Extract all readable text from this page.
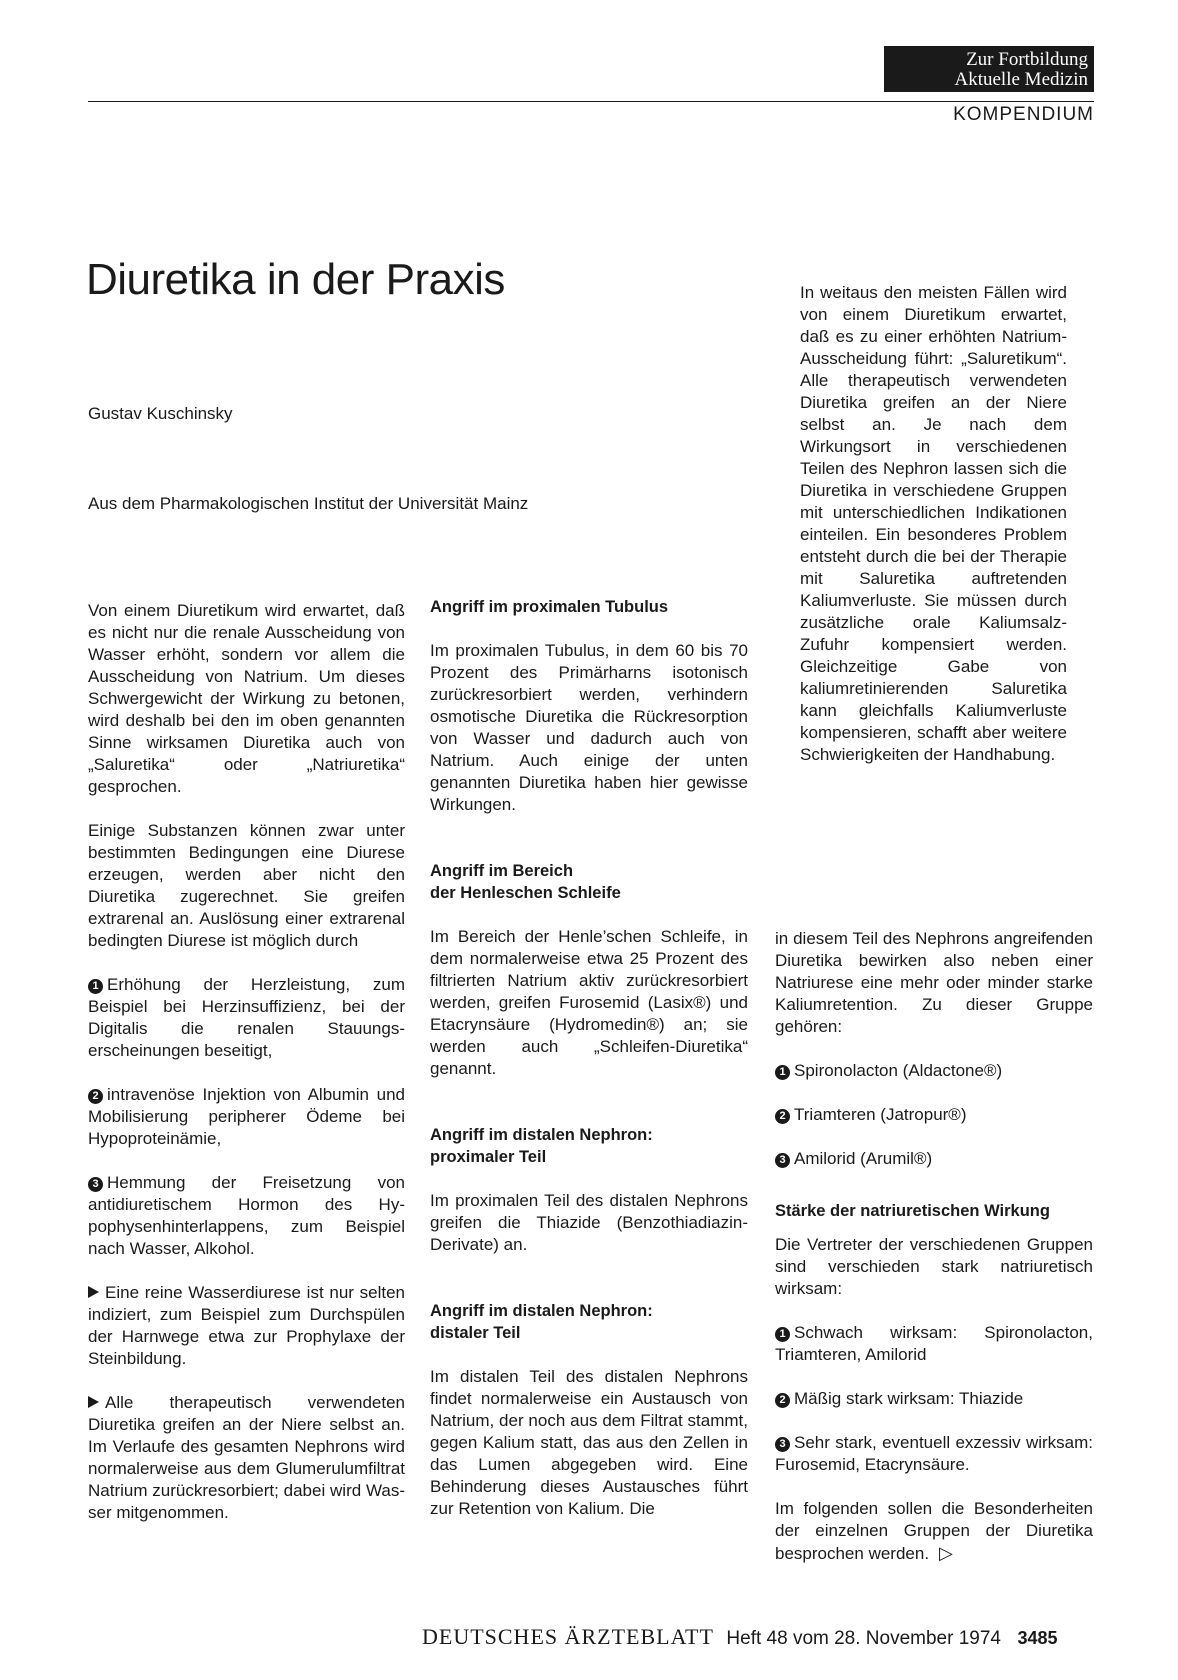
Zur Fortbildung
Aktuelle Medizin
KOMPENDIUM
Diuretika in der Praxis
Gustav Kuschinsky
Aus dem Pharmakologischen Institut der Universität Mainz

Von einem Diuretikum wird erwartet, daß es nicht nur die renale Ausscheidung von Wasser erhöht, sondern vor allem die Ausscheidung von Natrium. Um dieses Schwergewicht der Wirkung zu betonen, wird deshalb bei den im oben genannten Sinne wirksamen Diuretika auch von „Saluretika“ oder „Natriuretika“ gesprochen.

Einige Substanzen können zwar unter bestimmten Bedingungen eine Diurese erzeugen, werden aber nicht den Diuretika zugerechnet. Sie greifen extrarenal an. Auslösung einer extrarenal bedingten Diurese ist möglich durch

1 Erhöhung der Herzleistung, zum Beispiel bei Herzinsuffizienz, bei der Digitalis die renalen Stauungserscheinungen beseitigt,

2 intravenöse Injektion von Albumin und Mobilisierung peripherer Ödeme bei Hypoproteinämie,

3 Hemmung der Freisetzung von antidiuretischem Hormon des Hypophysenhinterlappens, zum Beispiel nach Wasser, Alkohol.

Eine reine Wasserdiurese ist nur selten indiziert, zum Beispiel zum Durchspülen der Harnwege etwa zur Prophylaxe der Steinbildung.

Alle therapeutisch verwendeten Diuretika greifen an der Niere selbst an. Im Verlaufe des gesamten Nephrons wird normalerweise aus dem Glumerulumfiltrat Natrium zurückresorbiert; dabei wird Wasser mitgenommen.

Angriff im proximalen Tubulus

Im proximalen Tubulus, in dem 60 bis 70 Prozent des Primärharns isotonisch zurückresorbiert werden, verhindern osmotische Diuretika die Rückresorption von Wasser und dadurch auch von Natrium. Auch einige der unten genannten Diuretika haben hier gewisse Wirkungen.

Angriff im Bereich
der Henleschen Schleife

Im Bereich der Henle’schen Schleife, in dem normalerweise etwa 25 Prozent des filtrierten Natrium aktiv zurückresorbiert werden, greifen Furosemid (Lasix®) und Etacrynsäure (Hydromedin®) an; sie werden auch „Schleifen-Diuretika“ genannt.

Angriff im distalen Nephron:
proximaler Teil

Im proximalen Teil des distalen Nephrons greifen die Thiazide (Benzothiadiazin-Derivate) an.

Angriff im distalen Nephron:
distaler Teil

Im distalen Teil des distalen Nephrons findet normalerweise ein Austausch von Natrium, der noch aus dem Filtrat stammt, gegen Kalium statt, das aus den Zellen in das Lumen abgegeben wird. Eine Behinderung dieses Austausches führt zur Retention von Kalium. Die

In weitaus den meisten Fällen wird von einem Diuretikum erwartet, daß es zu einer erhöhten Natrium-Ausscheidung führt: „Saluretikum“. Alle therapeutisch verwendeten Diuretika greifen an der Niere selbst an. Je nach dem Wirkungsort in verschiedenen Teilen des Nephron lassen sich die Diuretika in verschiedene Gruppen mit unterschiedlichen Indikationen einteilen. Ein besonderes Problem entsteht durch die bei der Therapie mit Saluretika auftretenden Kaliumverluste. Sie müssen durch zusätzliche orale Kaliumsalz-Zufuhr kompensiert werden. Gleichzeitige Gabe von kaliumretinierenden Saluretika kann gleichfalls Kaliumverluste kompensieren, schafft aber weitere Schwierigkeiten der Handhabung.

in diesem Teil des Nephrons angreifenden Diuretika bewirken also neben einer Natriurese eine mehr oder minder starke Kaliumretention. Zu dieser Gruppe gehören:

1 Spironolacton (Aldactone®)

2 Triamteren (Jatropur®)

3 Amilorid (Arumil®)

Stärke der natriuretischen Wirkung

Die Vertreter der verschiedenen Gruppen sind verschieden stark natriuretisch wirksam:

1 Schwach wirksam: Spironolacton, Triamteren, Amilorid

2 Mäßig stark wirksam: Thiazide

3 Sehr stark, eventuell exzessiv wirksam: Furosemid, Etacrynsäure.

Im folgenden sollen die Besonderheiten der einzelnen Gruppen der Diuretika besprochen werden. ▷

DEUTSCHES ÄRZTEBLATT Heft 48 vom 28. November 1974 3485
